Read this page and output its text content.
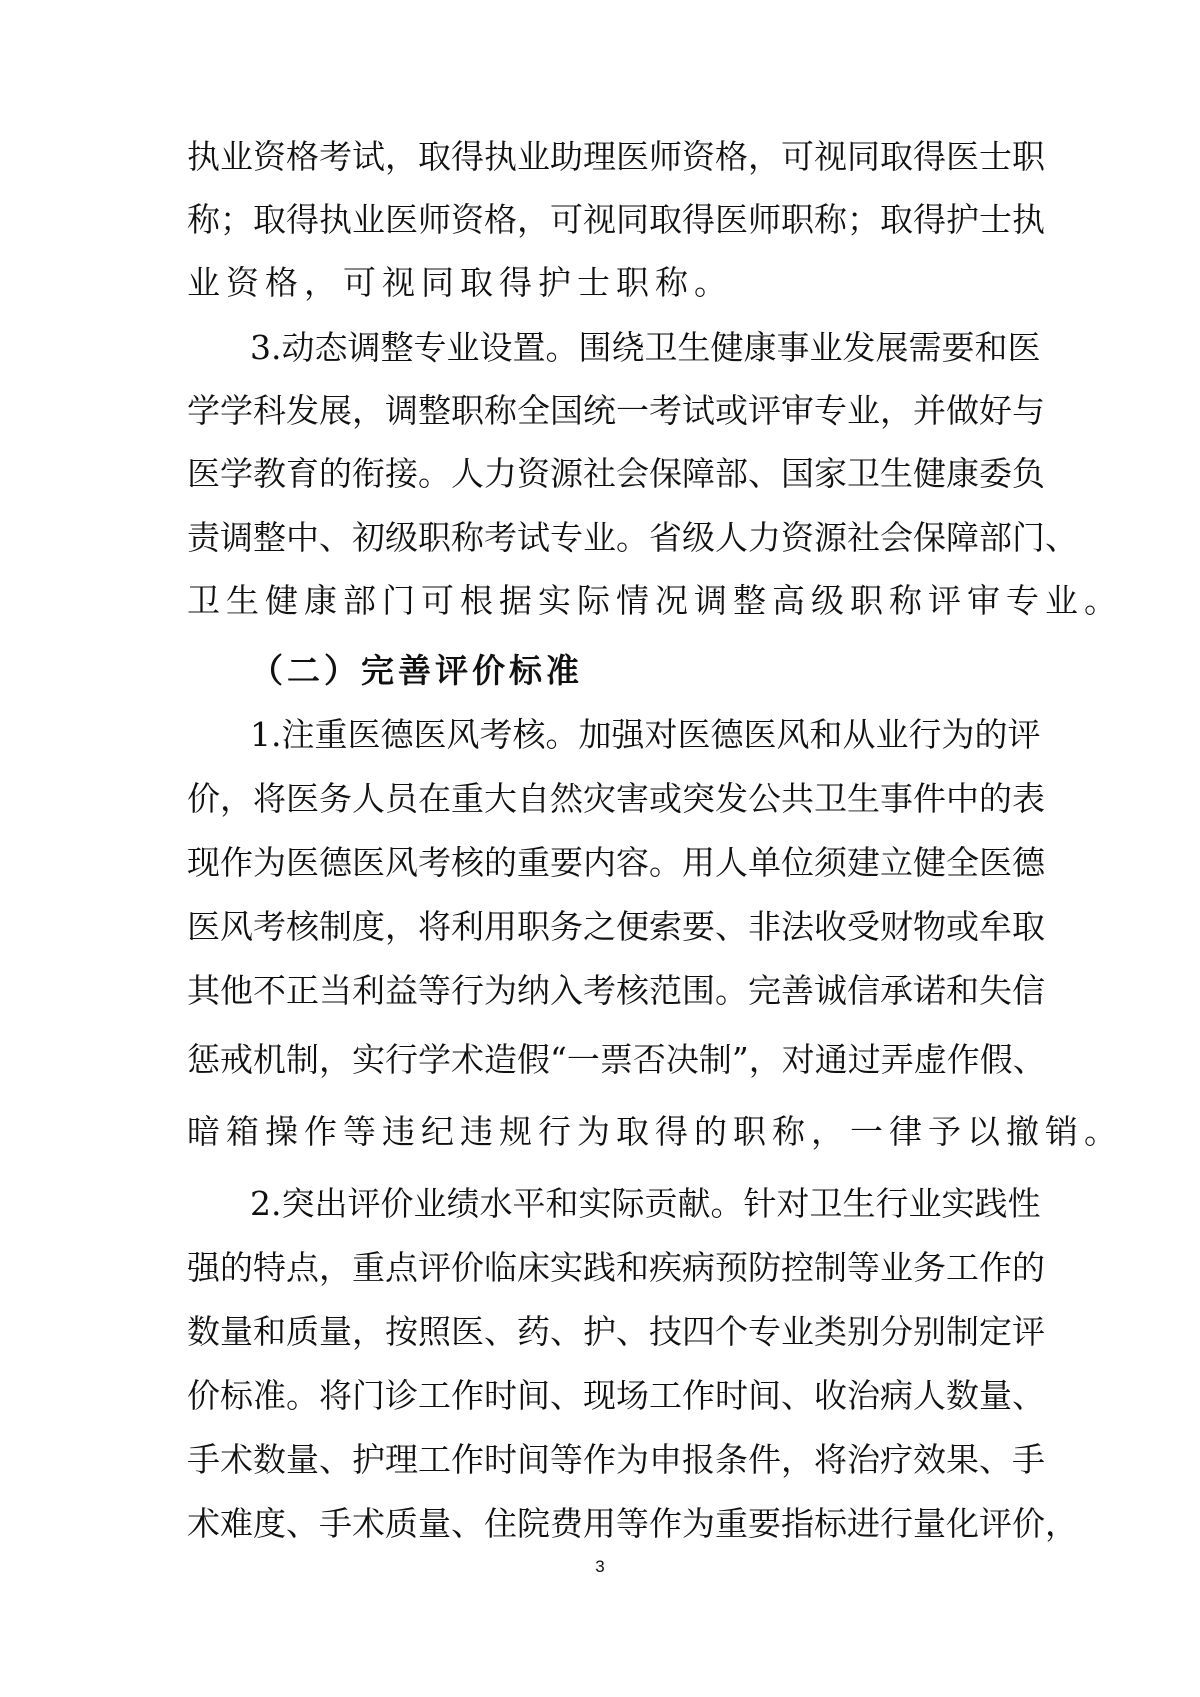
执业资格考试，取得执业助理医师资格，可视同取得医士职
称；取得执业医师资格，可视同取得医师职称；取得护士执
业资格，可视同取得护士职称。
3.动态调整专业设置。围绕卫生健康事业发展需要和医
学学科发展，调整职称全国统一考试或评审专业，并做好与
医学教育的衔接。人力资源社会保障部、国家卫生健康委负
责调整中、初级职称考试专业。省级人力资源社会保障部门、
卫生健康部门可根据实际情况调整高级职称评审专业。
（二）完善评价标准
1.注重医德医风考核。加强对医德医风和从业行为的评
价，将医务人员在重大自然灾害或突发公共卫生事件中的表
现作为医德医风考核的重要内容。用人单位须建立健全医德
医风考核制度，将利用职务之便索要、非法收受财物或牟取
其他不正当利益等行为纳入考核范围。完善诚信承诺和失信
惩戒机制，实行学术造假“一票否决制”，对通过弄虚作假、
暗箱操作等违纪违规行为取得的职称，一律予以撤销。
2.突出评价业绩水平和实际贡献。针对卫生行业实践性
强的特点，重点评价临床实践和疾病预防控制等业务工作的
数量和质量，按照医、药、护、技四个专业类别分别制定评
价标准。将门诊工作时间、现场工作时间、收治病人数量、
手术数量、护理工作时间等作为申报条件，将治疗效果、手
术难度、手术质量、住院费用等作为重要指标进行量化评价，
3
